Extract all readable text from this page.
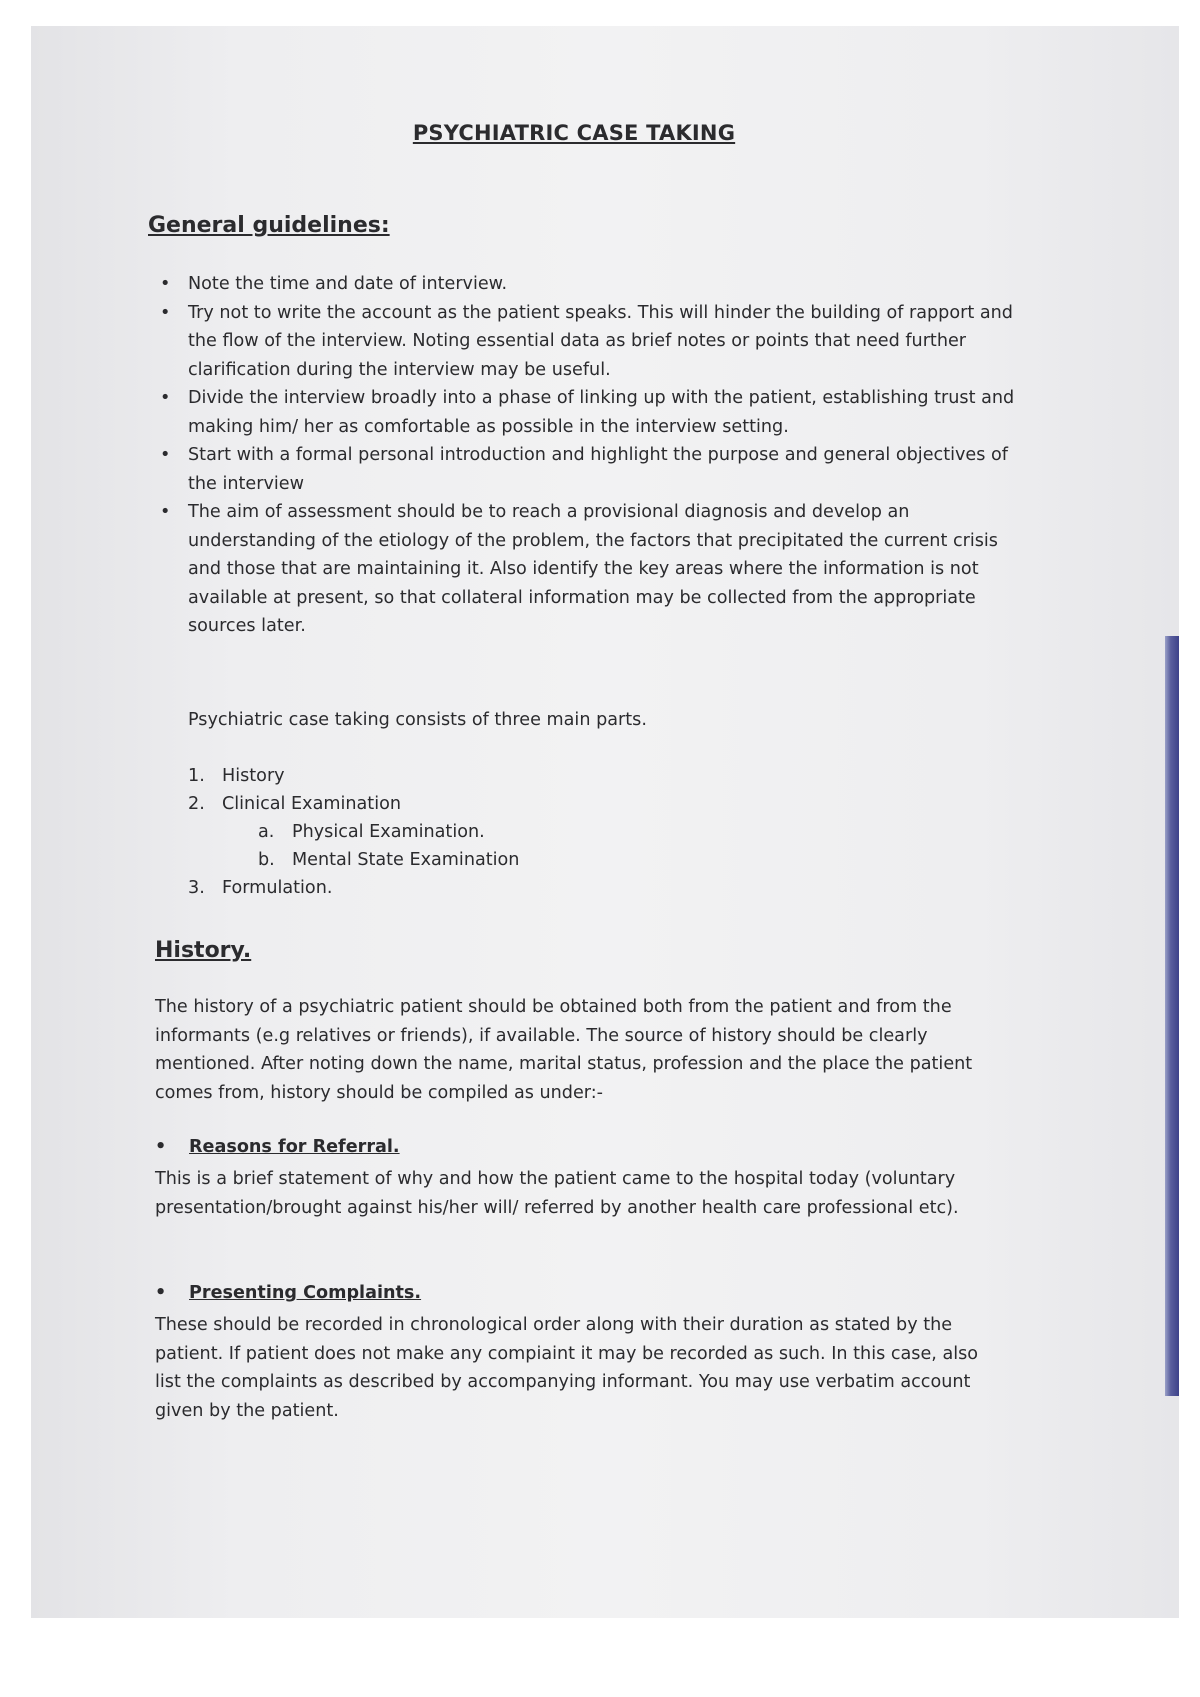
PSYCHIATRIC CASE TAKING
General guidelines:
• Note the time and date of interview.
• Try not to write the account as the patient speaks. This will hinder the building of rapport and the flow of the interview. Noting essential data as brief notes or points that need further clarification during the interview may be useful.
• Divide the interview broadly into a phase of linking up with the patient, establishing trust and making him/ her as comfortable as possible in the interview setting.
• Start with a formal personal introduction and highlight the purpose and general objectives of the interview
• The aim of assessment should be to reach a provisional diagnosis and develop an understanding of the etiology of the problem, the factors that precipitated the current crisis and those that are maintaining it. Also identify the key areas where the information is not available at present, so that collateral information may be collected from the appropriate sources later.

Psychiatric case taking consists of three main parts.

1. History
2. Clinical Examination
a. Physical Examination.
b. Mental State Examination
3. Formulation.
History.

The history of a psychiatric patient should be obtained both from the patient and from the informants (e.g relatives or friends), if available. The source of history should be clearly mentioned. After noting down the name, marital status, profession and the place the patient comes from, history should be compiled as under:-

• Reasons for Referral.

This is a brief statement of why and how the patient came to the hospital today (voluntary presentation/brought against his/her will/ referred by another health care professional etc).

• Presenting Complaints.

These should be recorded in chronological order along with their duration as stated by the patient. If patient does not make any compiaint it may be recorded as such. In this case, also list the complaints as described by accompanying informant. You may use verbatim account given by the patient.
